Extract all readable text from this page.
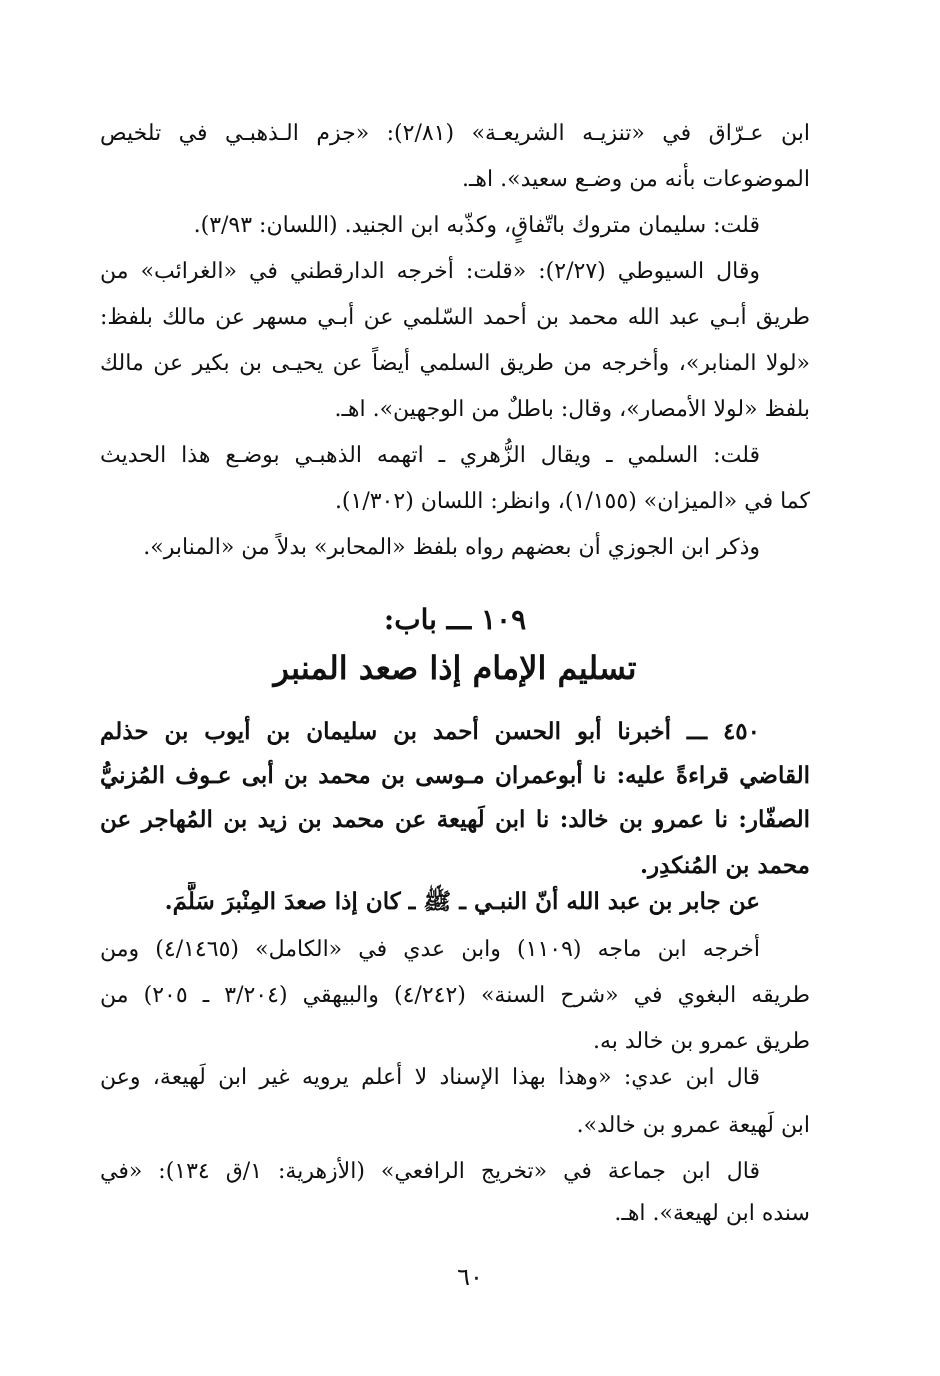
ابن عـرّاق في «تنزيـه الشريعـة» (٢/٨١): «جزم الـذهبـي في تلخيص
الموضوعات بأنه من وضـع سعيد». اهـ.
قلت: سليمان متروك باتّفاقٍ، وكذّبه ابن الجنيد. (اللسان: ٣/٩٣).
وقال السيوطي (٢/٢٧): «قلت: أخرجه الدارقطني في «الغرائب» من
طريق أبـي عبد الله محمد بن أحمد السّلمي عن أبـي مسهر عن مالك بلفظ:
«لولا المنابر»، وأخرجه من طريق السلمي أيضاً عن يحيـى بن بكير عن مالك
بلفظ «لولا الأمصار»، وقال: باطلٌ من الوجهين». اهـ.
قلت: السلمي ـ ويقال الزُّهري ـ اتهمه الذهبـي بوضـع هذا الحديث
كما في «الميزان» (١/١٥٥)، وانظر: اللسان (١/٣٠٢).
وذكر ابن الجوزي أن بعضهم رواه بلفظ «المحابر» بدلاً من «المنابر».
١٠٩ ـــ باب:
تسليم الإمام إذا صعد المنبر
٤٥٠ ـــ أخبرنا أبو الحسن أحمد بن سليمان بن أيوب بن حذلم
القاضي قراءةً عليه: نا أبوعمران مـوسى بن محمد بن أبى عـوف المُزنيُّ
الصفّار: نا عمرو بن خالد: نا ابن لَهيعة عن محمد بن زيد بن المُهاجر عن
محمد بن المُنكدِر.
عن جابر بن عبد الله أنّ النبـي ـ ﷺ ـ كان إذا صعدَ المِنْبرَ سَلَّمَ.
أخرجه ابن ماجه (١١٠٩) وابن عدي في «الكامل» (٤/١٤٦٥) ومن
طريقه البغوي في «شرح السنة» (٤/٢٤٢) والبيهقي (٣/٢٠٤ ـ ٢٠٥) من
طريق عمرو بن خالد به.
قال ابن عدي: «وهذا بهذا الإسناد لا أعلم يرويه غير ابن لَهيعة، وعن
ابن لَهيعة عمرو بن خالد».
قال ابن جماعة في «تخريج الرافعي» (الأزهرية: ١/ق ١٣٤): «في
سنده ابن لهيعة». اهـ.
٦٠
